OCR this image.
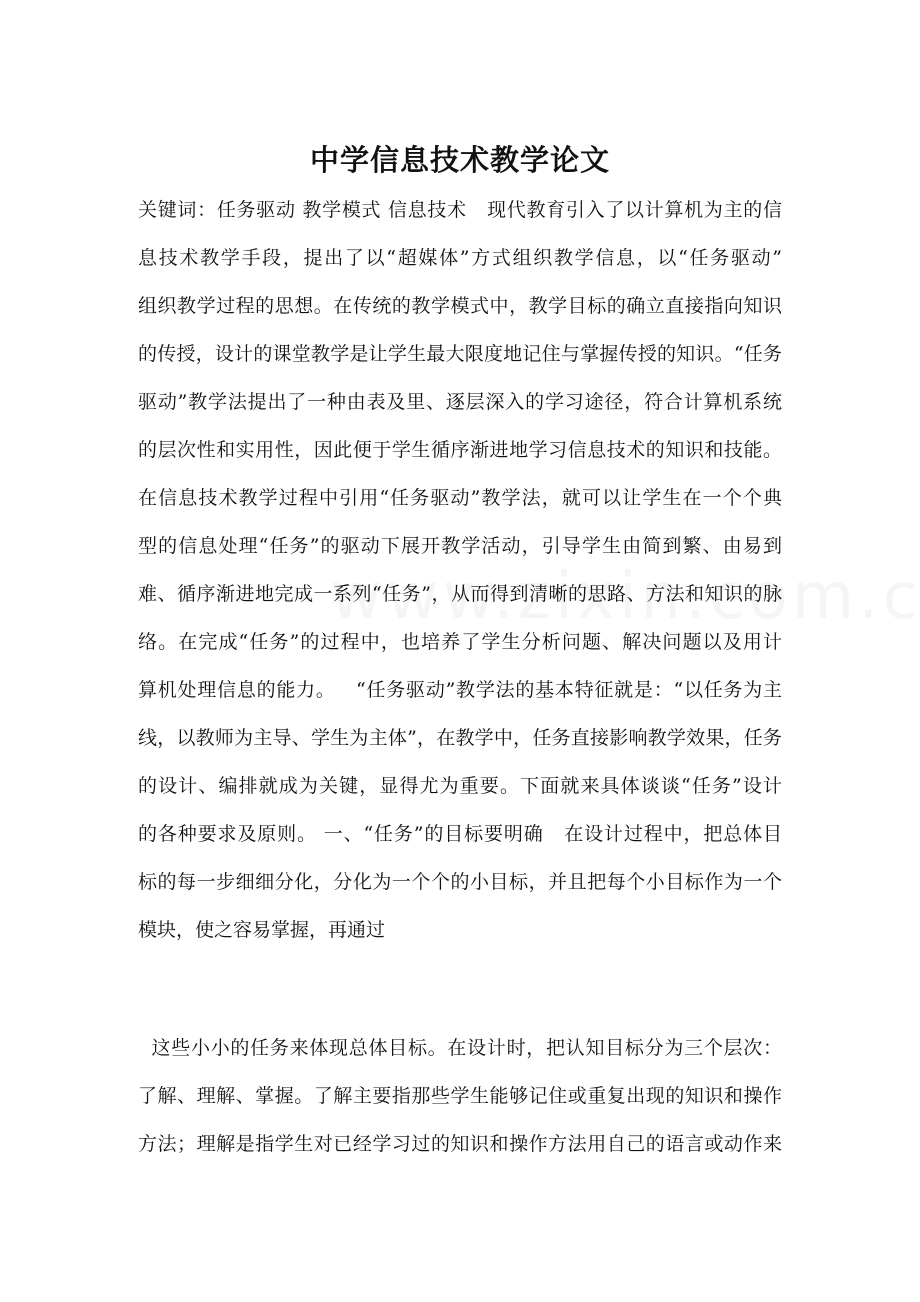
中学信息技术教学论文
关键词：任务驱动 教学模式 信息技术   现代教育引入了以计算机为主的信
息技术教学手段，提出了以“超媒体”方式组织教学信息，以“任务驱动”
组织教学过程的思想。在传统的教学模式中，教学目标的确立直接指向知识
的传授，设计的课堂教学是让学生最大限度地记住与掌握传授的知识。“任务
驱动”教学法提出了一种由表及里、逐层深入的学习途径，符合计算机系统
的层次性和实用性，因此便于学生循序渐进地学习信息技术的知识和技能。
在信息技术教学过程中引用“任务驱动”教学法，就可以让学生在一个个典
型的信息处理“任务”的驱动下展开教学活动，引导学生由简到繁、由易到
难、循序渐进地完成一系列“任务”，从而得到清晰的思路、方法和知识的脉
络。在完成“任务”的过程中，也培养了学生分析问题、解决问题以及用计
算机处理信息的能力。   “任务驱动”教学法的基本特征就是：“以任务为主
线，以教师为主导、学生为主体”，在教学中，任务直接影响教学效果，任务
的设计、编排就成为关键，显得尤为重要。下面就来具体谈谈“任务”设计
的各种要求及原则。 一、“任务”的目标要明确   在设计过程中，把总体目
标的每一步细细分化，分化为一个个的小目标，并且把每个小目标作为一个
模块，使之容易掌握，再通过
这些小小的任务来体现总体目标。在设计时，把认知目标分为三个层次：
了解、理解、掌握。了解主要指那些学生能够记住或重复出现的知识和操作
方法；理解是指学生对已经学习过的知识和操作方法用自己的语言或动作来
